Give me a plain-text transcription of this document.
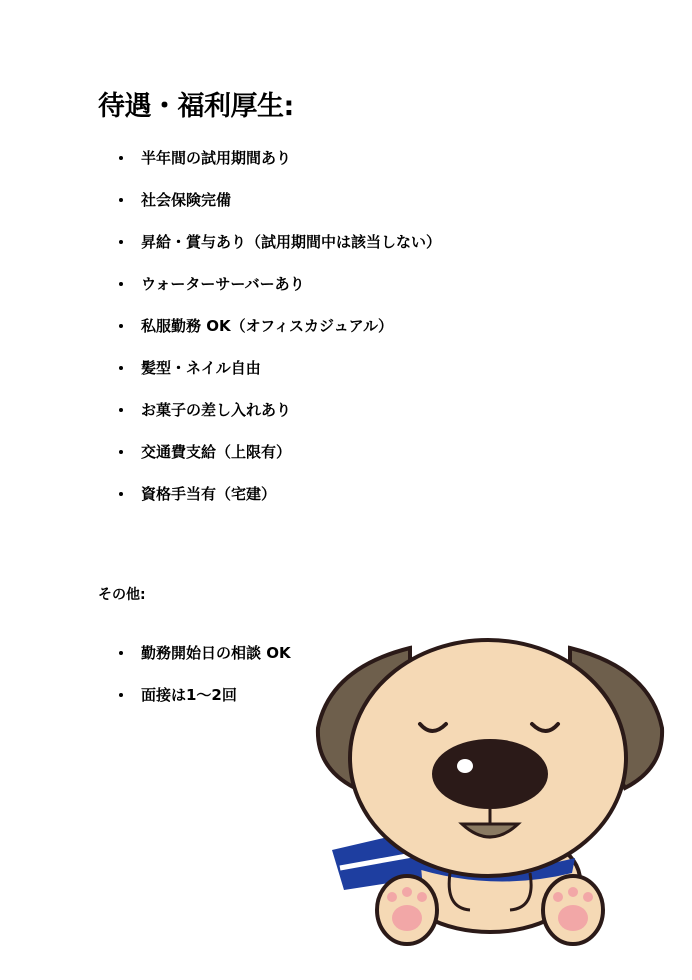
待遇・福利厚生:
半年間の試用期間あり
社会保険完備
昇給・賞与あり（試用期間中は該当しない）
ウォーターサーバーあり
私服勤務 OK（オフィスカジュアル）
髪型・ネイル自由
お菓子の差し入れあり
交通費支給（上限有）
資格手当有（宅建）
その他:
勤務開始日の相談 OK
面接は1～2回
